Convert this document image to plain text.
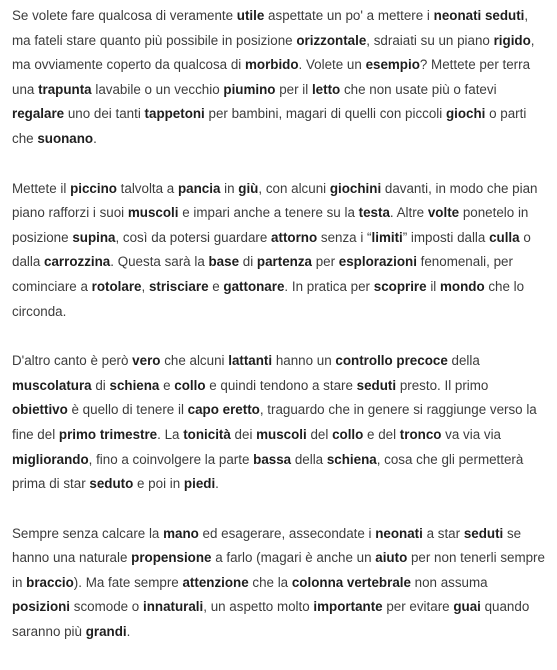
Se volete fare qualcosa di veramente utile aspettate un po' a mettere i neonati seduti, ma fateli stare quanto più possibile in posizione orizzontale, sdraiati su un piano rigido, ma ovviamente coperto da qualcosa di morbido. Volete un esempio? Mettete per terra una trapunta lavabile o un vecchio piumino per il letto che non usate più o fatevi regalare uno dei tanti tappetoni per bambini, magari di quelli con piccoli giochi o parti che suonano.

Mettete il piccino talvolta a pancia in giù, con alcuni giochini davanti, in modo che pian piano rafforzi i suoi muscoli e impari anche a tenere su la testa. Altre volte ponetelo in posizione supina, così da potersi guardare attorno senza i “limiti” imposti dalla culla o dalla carrozzina. Questa sarà la base di partenza per esplorazioni fenomenali, per cominciare a rotolare, strisciare e gattonare. In pratica per scoprire il mondo che lo circonda.

D'altro canto è però vero che alcuni lattanti hanno un controllo precoce della muscolatura di schiena e collo e quindi tendono a stare seduti presto. Il primo obiettivo è quello di tenere il capo eretto, traguardo che in genere si raggiunge verso la fine del primo trimestre. La tonicità dei muscoli del collo e del tronco va via via migliorando, fino a coinvolgere la parte bassa della schiena, cosa che gli permetterà prima di star seduto e poi in piedi.

Sempre senza calcare la mano ed esagerare, assecondate i neonati a star seduti se hanno una naturale propensione a farlo (magari è anche un aiuto per non tenerli sempre in braccio). Ma fate sempre attenzione che la colonna vertebrale non assuma posizioni scomode o innaturali, un aspetto molto importante per evitare guai quando saranno più grandi.
